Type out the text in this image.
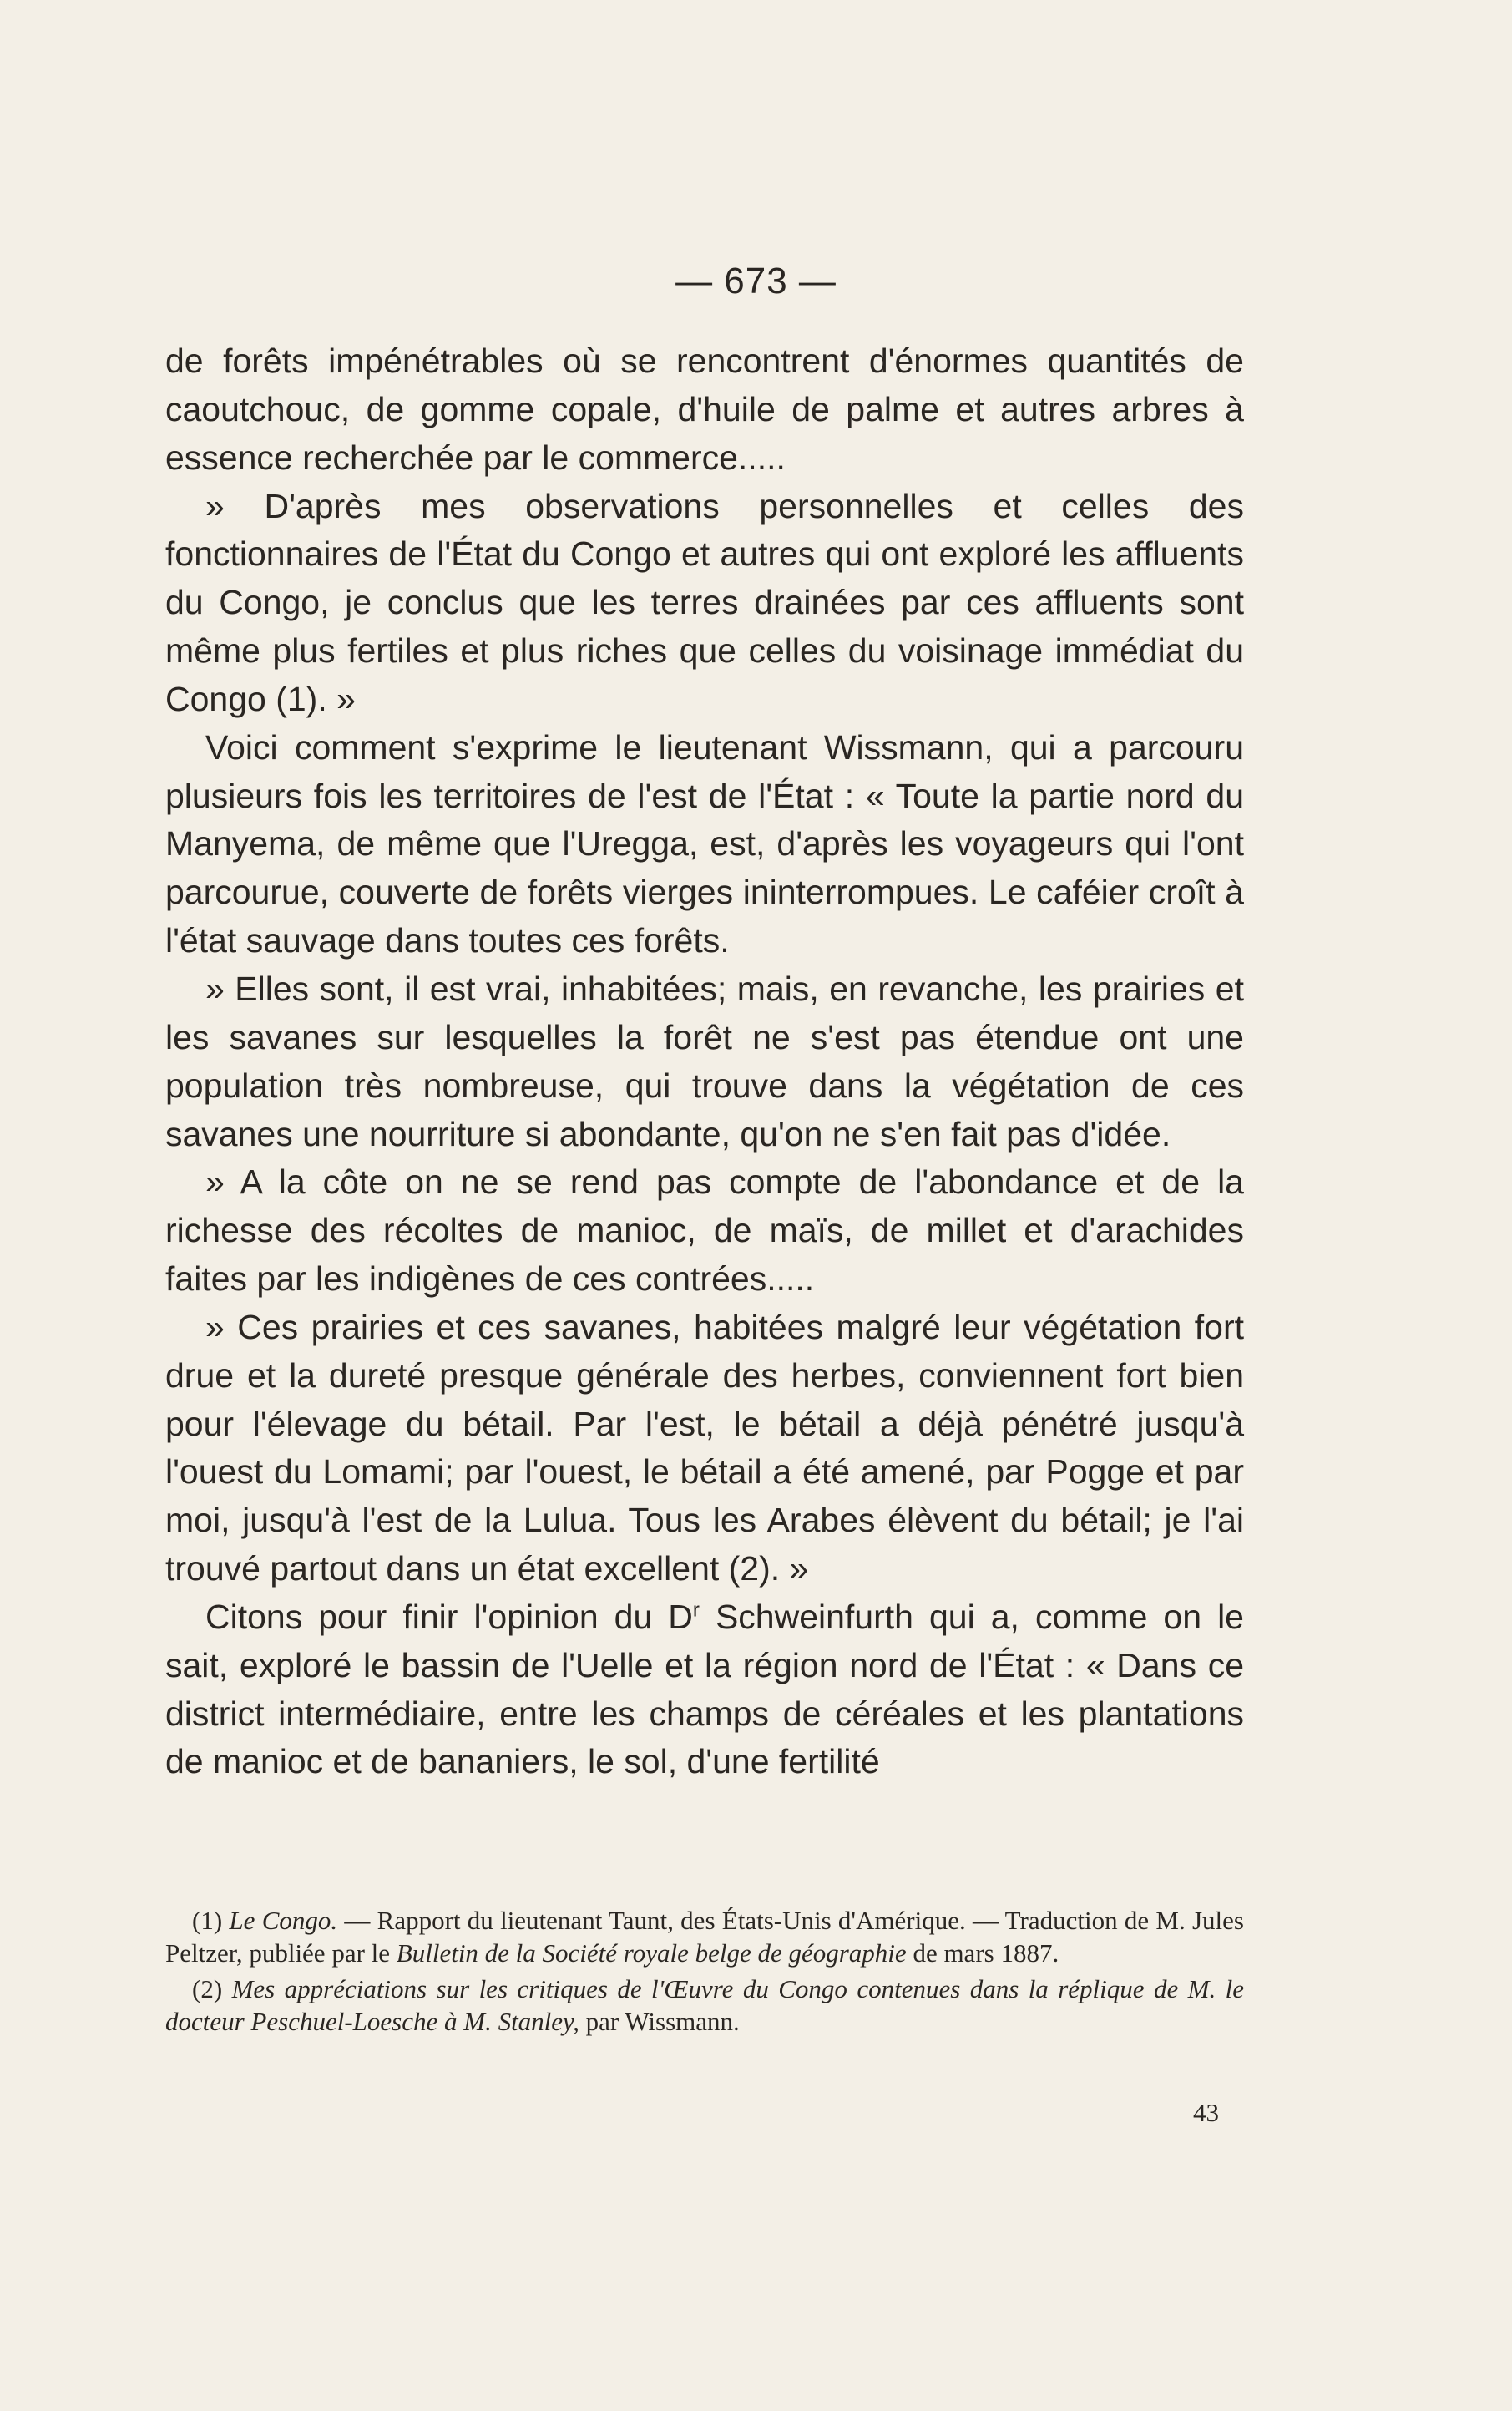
— 673 —

de forêts impénétrables où se rencontrent d'énormes quantités de caoutchouc, de gomme copale, d'huile de palme et autres arbres à essence recherchée par le commerce.....

» D'après mes observations personnelles et celles des fonctionnaires de l'État du Congo et autres qui ont exploré les affluents du Congo, je conclus que les terres drainées par ces affluents sont même plus fertiles et plus riches que celles du voisinage immédiat du Congo (1). »

Voici comment s'exprime le lieutenant Wissmann, qui a parcouru plusieurs fois les territoires de l'est de l'État : « Toute la partie nord du Manyema, de même que l'Uregga, est, d'après les voyageurs qui l'ont parcourue, couverte de forêts vierges ininterrompues. Le caféier croît à l'état sauvage dans toutes ces forêts.

» Elles sont, il est vrai, inhabitées; mais, en revanche, les prairies et les savanes sur lesquelles la forêt ne s'est pas étendue ont une population très nombreuse, qui trouve dans la végétation de ces savanes une nourriture si abondante, qu'on ne s'en fait pas d'idée.

» A la côte on ne se rend pas compte de l'abondance et de la richesse des récoltes de manioc, de maïs, de millet et d'arachides faites par les indigènes de ces contrées.....

» Ces prairies et ces savanes, habitées malgré leur végétation fort drue et la dureté presque générale des herbes, conviennent fort bien pour l'élevage du bétail. Par l'est, le bétail a déjà pénétré jusqu'à l'ouest du Lomami; par l'ouest, le bétail a été amené, par Pogge et par moi, jusqu'à l'est de la Lulua. Tous les Arabes élèvent du bétail; je l'ai trouvé partout dans un état excellent (2). »

Citons pour finir l'opinion du $D^r$ Schweinfurth qui a, comme on le sait, exploré le bassin de l'Uelle et la région nord de l'État : « Dans ce district intermédiaire, entre les champs de céréales et les plantations de manioc et de bananiers, le sol, d'une fertilité

(1) Le Congo. — Rapport du lieutenant Taunt, des États-Unis d'Amérique. — Traduction de M. Jules Peltzer, publiée par le Bulletin de la Société royale belge de géographie de mars 1887.

(2) Mes appréciations sur les critiques de l'Œuvre du Congo contenues dans la réplique de M. le docteur Peschuel-Loesche à M. Stanley, par Wissmann.

43
